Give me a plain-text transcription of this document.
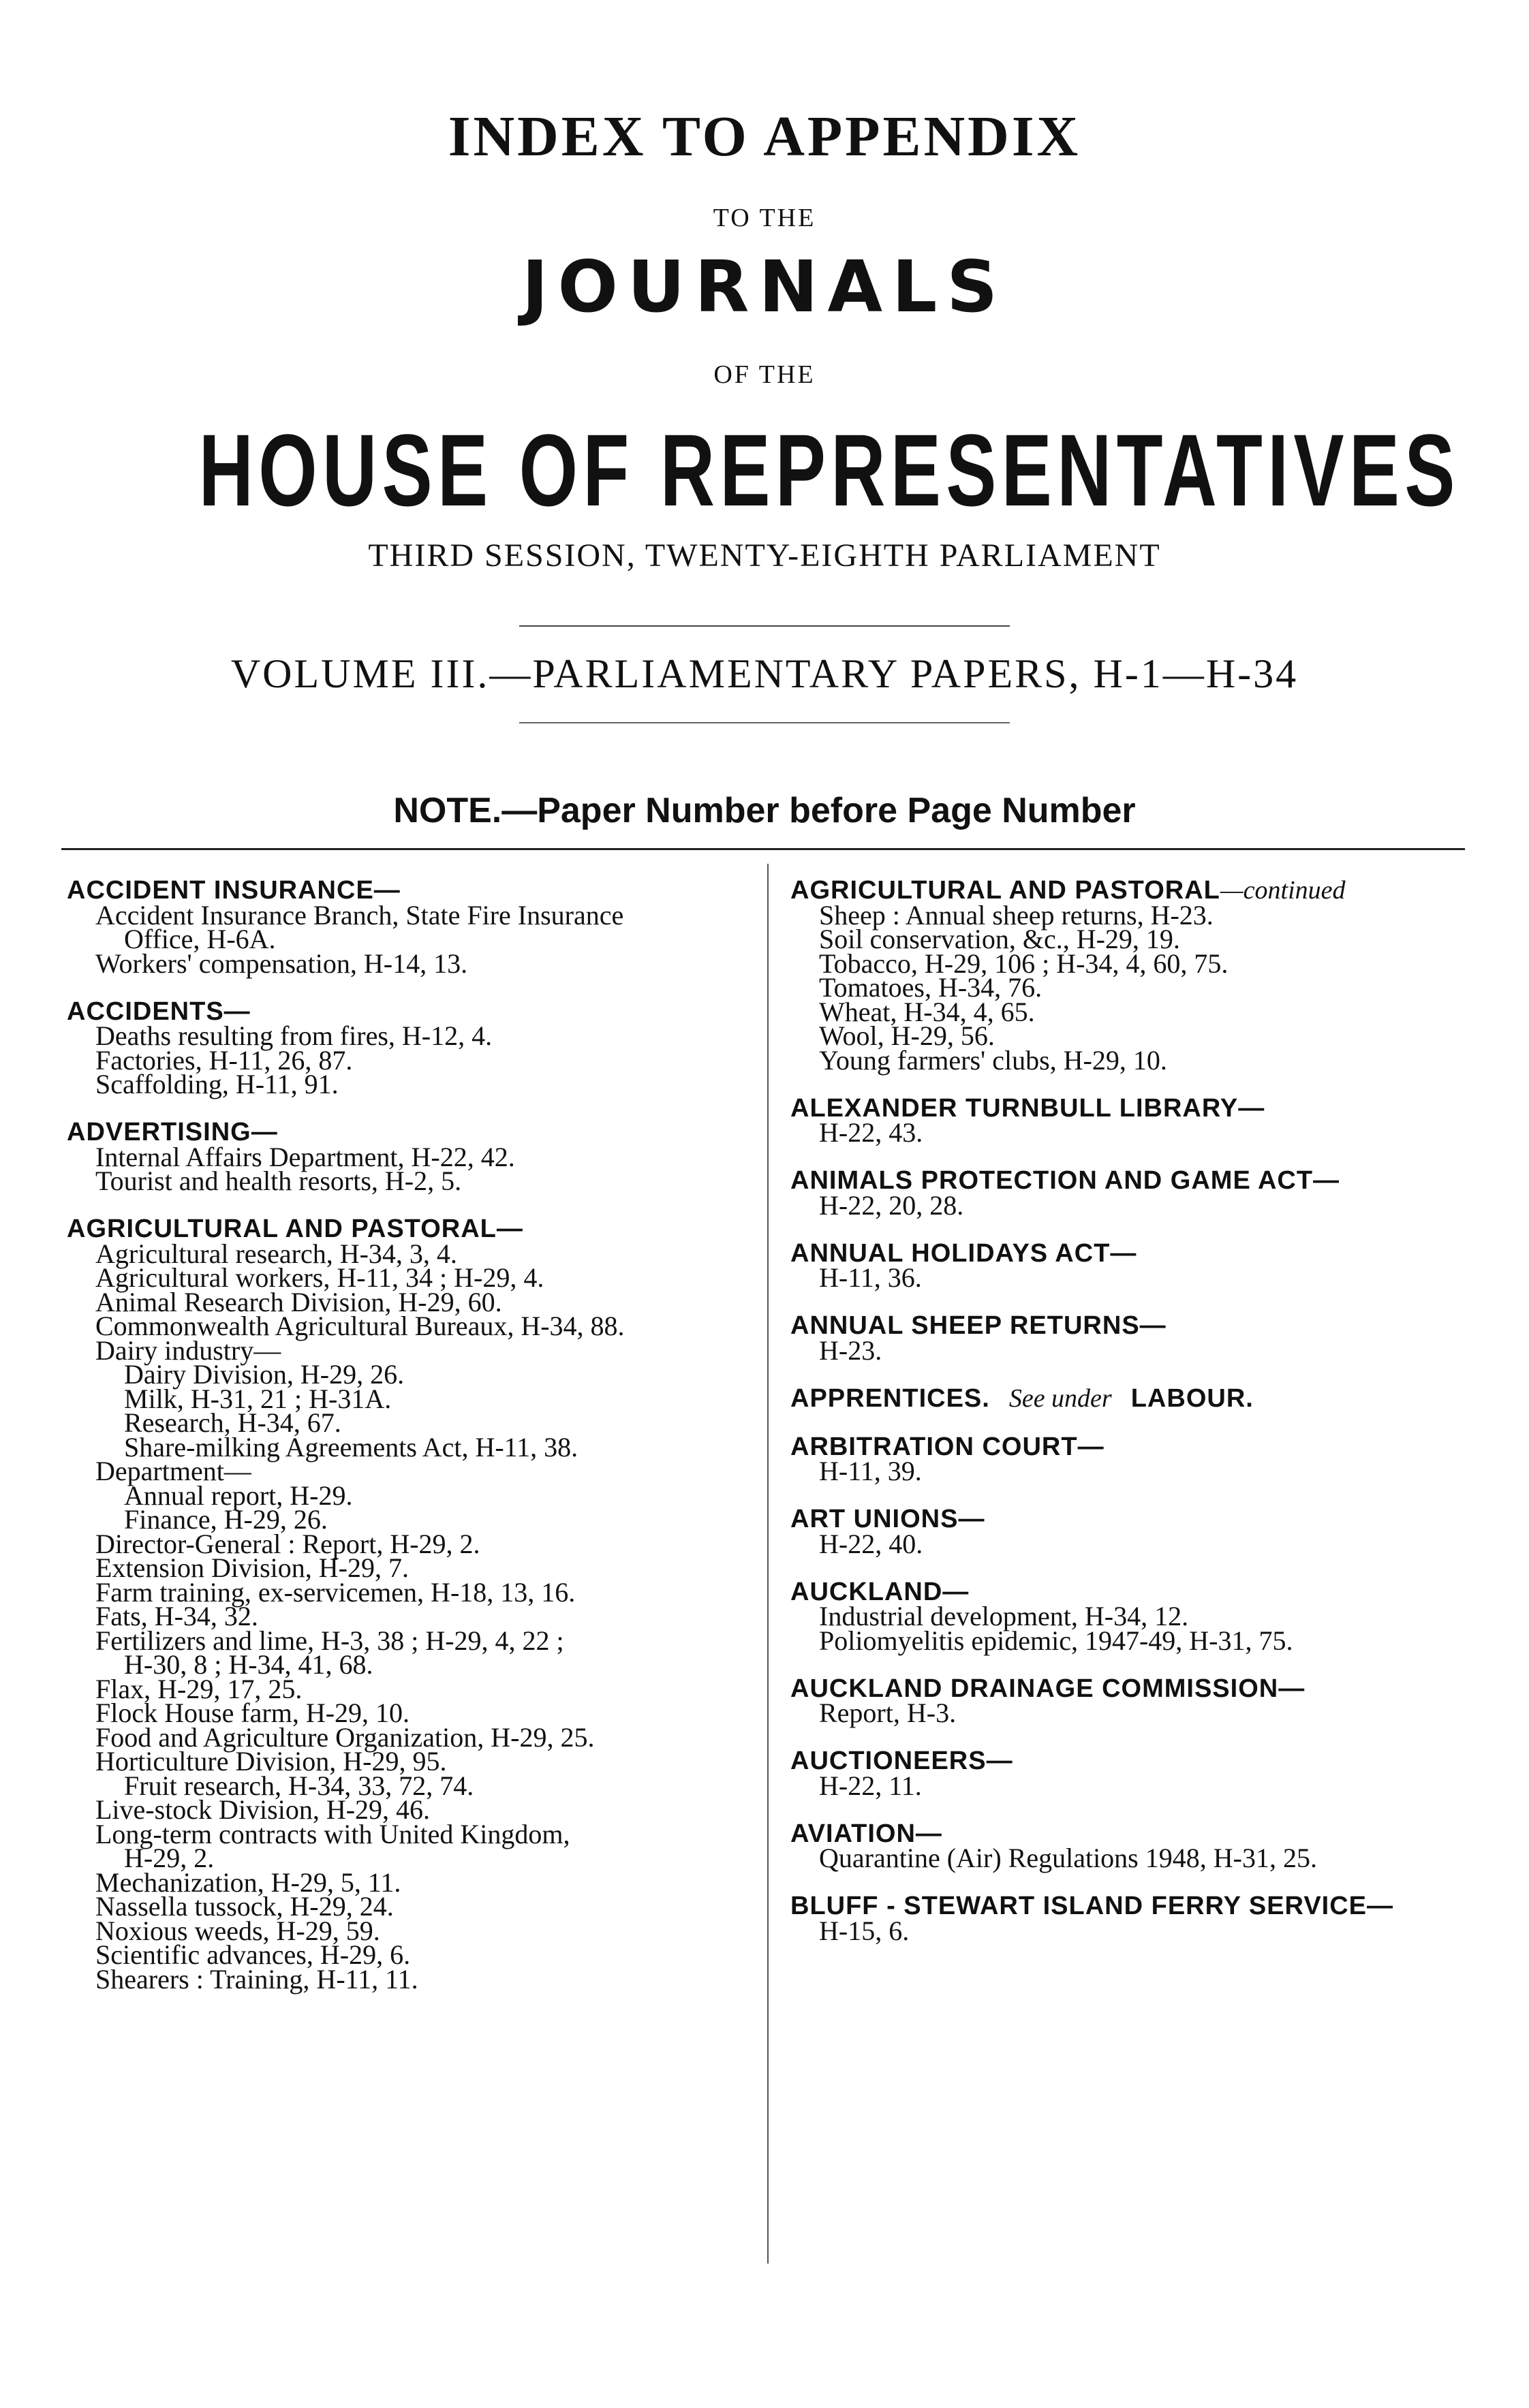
INDEX TO APPENDIX
TO THE
JOURNALS
OF THE
HOUSE OF REPRESENTATIVES
THIRD SESSION, TWENTY-EIGHTH PARLIAMENT
VOLUME III.—PARLIAMENTARY PAPERS, H-1—H-34
NOTE.—Paper Number before Page Number
ACCIDENT INSURANCE—
Accident Insurance Branch, State Fire Insurance
Office, H-6A.
Workers' compensation, H-14, 13.
ACCIDENTS—
Deaths resulting from fires, H-12, 4.
Factories, H-11, 26, 87.
Scaffolding, H-11, 91.
ADVERTISING—
Internal Affairs Department, H-22, 42.
Tourist and health resorts, H-2, 5.
AGRICULTURAL AND PASTORAL—
Agricultural research, H-34, 3, 4.
Agricultural workers, H-11, 34 ; H-29, 4.
Animal Research Division, H-29, 60.
Commonwealth Agricultural Bureaux, H-34, 88.
Dairy industry—
Dairy Division, H-29, 26.
Milk, H-31, 21 ; H-31A.
Research, H-34, 67.
Share-milking Agreements Act, H-11, 38.
Department—
Annual report, H-29.
Finance, H-29, 26.
Director-General : Report, H-29, 2.
Extension Division, H-29, 7.
Farm training, ex-servicemen, H-18, 13, 16.
Fats, H-34, 32.
Fertilizers and lime, H-3, 38 ; H-29, 4, 22 ;
H-30, 8 ; H-34, 41, 68.
Flax, H-29, 17, 25.
Flock House farm, H-29, 10.
Food and Agriculture Organization, H-29, 25.
Horticulture Division, H-29, 95.
Fruit research, H-34, 33, 72, 74.
Live-stock Division, H-29, 46.
Long-term contracts with United Kingdom,
H-29, 2.
Mechanization, H-29, 5, 11.
Nassella tussock, H-29, 24.
Noxious weeds, H-29, 59.
Scientific advances, H-29, 6.
Shearers : Training, H-11, 11.
AGRICULTURAL AND PASTORAL—continued
Sheep : Annual sheep returns, H-23.
Soil conservation, &c., H-29, 19.
Tobacco, H-29, 106 ; H-34, 4, 60, 75.
Tomatoes, H-34, 76.
Wheat, H-34, 4, 65.
Wool, H-29, 56.
Young farmers' clubs, H-29, 10.
ALEXANDER TURNBULL LIBRARY—
H-22, 43.
ANIMALS PROTECTION AND GAME ACT—
H-22, 20, 28.
ANNUAL HOLIDAYS ACT—
H-11, 36.
ANNUAL SHEEP RETURNS—
H-23.
APPRENTICES. See under LABOUR.
ARBITRATION COURT—
H-11, 39.
ART UNIONS—
H-22, 40.
AUCKLAND—
Industrial development, H-34, 12.
Poliomyelitis epidemic, 1947-49, H-31, 75.
AUCKLAND DRAINAGE COMMISSION—
Report, H-3.
AUCTIONEERS—
H-22, 11.
AVIATION—
Quarantine (Air) Regulations 1948, H-31, 25.
BLUFF - STEWART ISLAND FERRY SERVICE—
H-15, 6.
